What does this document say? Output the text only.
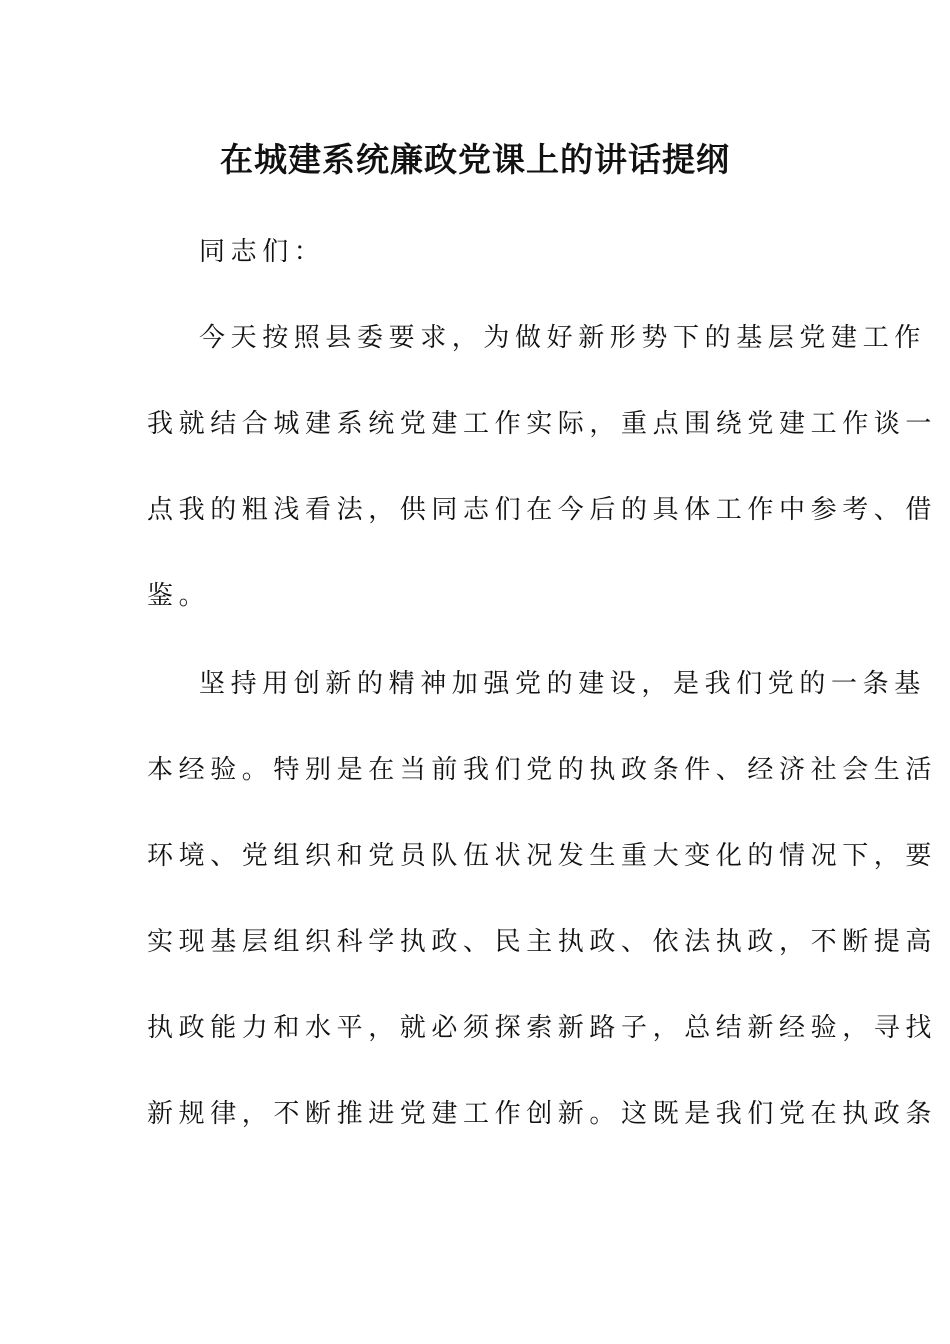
在城建系统廉政党课上的讲话提纲
同志们：
今天按照县委要求，为做好新形势下的基层党建工作
我就结合城建系统党建工作实际，重点围绕党建工作谈一
点我的粗浅看法，供同志们在今后的具体工作中参考、借
鉴。
坚持用创新的精神加强党的建设，是我们党的一条基
本经验。特别是在当前我们党的执政条件、经济社会生活
环境、党组织和党员队伍状况发生重大变化的情况下，要
实现基层组织科学执政、民主执政、依法执政，不断提高
执政能力和水平，就必须探索新路子，总结新经验，寻找
新规律，不断推进党建工作创新。这既是我们党在执政条
